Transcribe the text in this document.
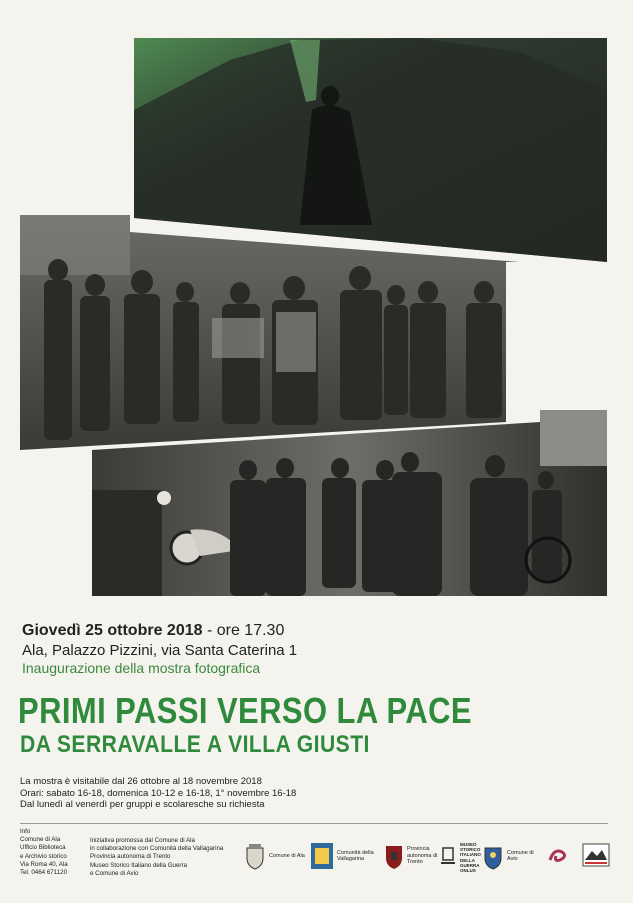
Giovedì 25 ottobre 2018 - ore 17.30
Ala, Palazzo Pizzini, via Santa Caterina 1
Inaugurazione della mostra fotografica
PRIMI PASSI VERSO LA PACE
DA SERRAVALLE A VILLA GIUSTI
La mostra è visitabile dal 26 ottobre al 18 novembre 2018
Orari: sabato 16-18, domenica 10-12 e 16-18, 1° novembre 16-18
Dal lunedì al venerdì per gruppi e scolaresche su richiesta
Info
Comune di Ala
Ufficio Biblioteca
e Archivio storico
Via Roma 40, Ala
Tel. 0464 671120
Iniziativa promossa dal Comune di Ala
in collaborazione con Comunità della Vallagarina
Provincia autonoma di Trento
Museo Storico Italiano della Guerra
e Comune di Avio
Comune di Ala
Comunità della Vallagarina
Provincia autonoma di Trento
MUSEO STORICO ITALIANO DELLA GUERRA ONLUS
Comune di Avio
